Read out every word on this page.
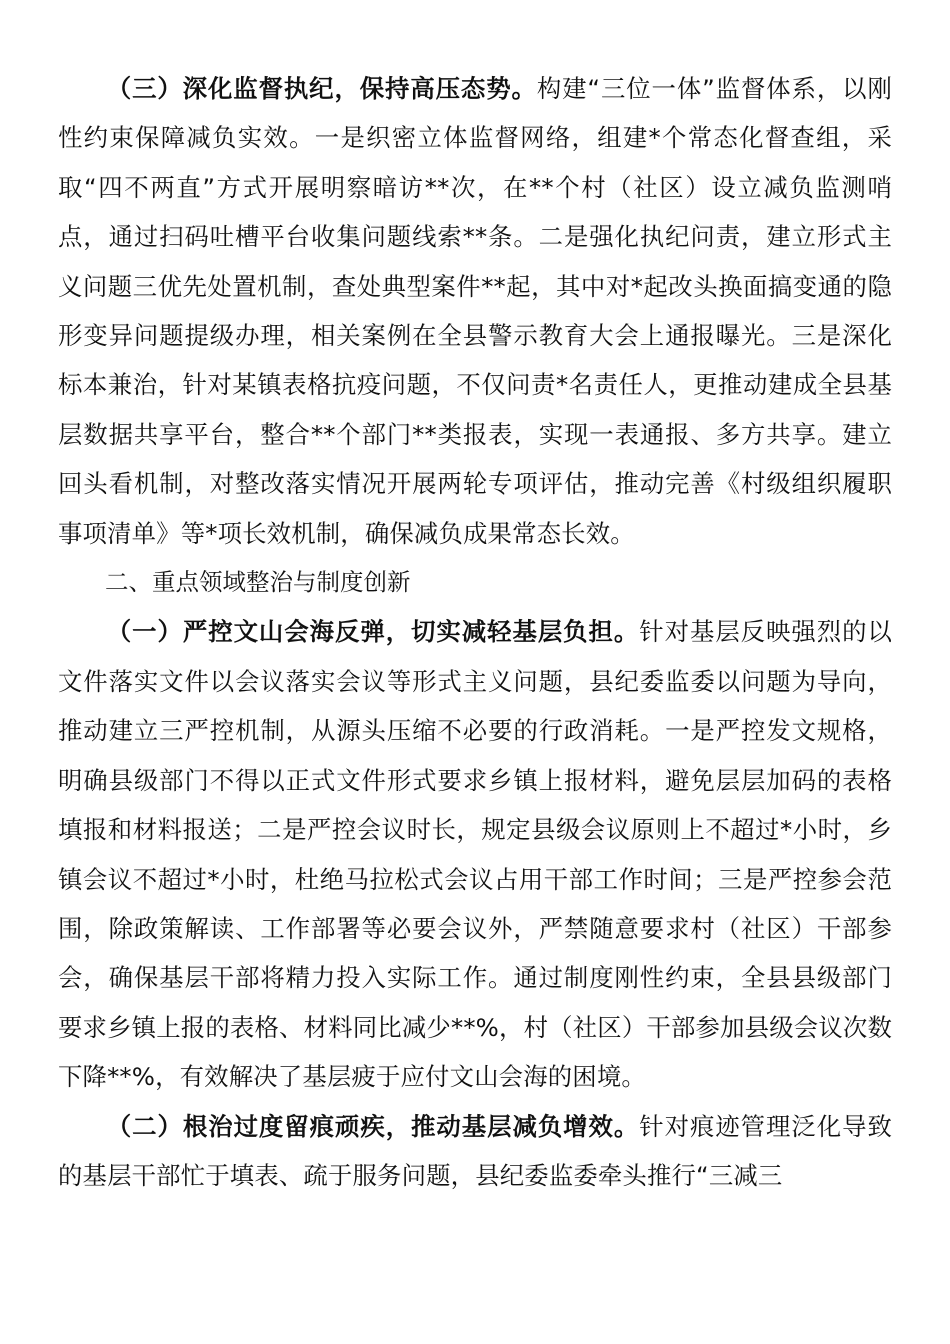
（三）深化监督执纪，保持高压态势。构建“三位一体”监督体系，以刚性约束保障减负实效。一是织密立体监督网络，组建*个常态化督查组，采取“四不两直”方式开展明察暗访**次，在**个村（社区）设立减负监测哨点，通过扫码吐槽平台收集问题线索**条。二是强化执纪问责，建立形式主义问题三优先处置机制，查处典型案件**起，其中对*起改头换面搞变通的隐形变异问题提级办理，相关案例在全县警示教育大会上通报曝光。三是深化标本兼治，针对某镇表格抗疫问题，不仅问责*名责任人，更推动建成全县基层数据共享平台，整合**个部门**类报表，实现一表通报、多方共享。建立回头看机制，对整改落实情况开展两轮专项评估，推动完善《村级组织履职事项清单》等*项长效机制，确保减负成果常态长效。

二、重点领域整治与制度创新

（一）严控文山会海反弹，切实减轻基层负担。针对基层反映强烈的以文件落实文件以会议落实会议等形式主义问题，县纪委监委以问题为导向，推动建立三严控机制，从源头压缩不必要的行政消耗。一是严控发文规格，明确县级部门不得以正式文件形式要求乡镇上报材料，避免层层加码的表格填报和材料报送；二是严控会议时长，规定县级会议原则上不超过*小时，乡镇会议不超过*小时，杜绝马拉松式会议占用干部工作时间；三是严控参会范围，除政策解读、工作部署等必要会议外，严禁随意要求村（社区）干部参会，确保基层干部将精力投入实际工作。通过制度刚性约束，全县县级部门要求乡镇上报的表格、材料同比减少**%，村（社区）干部参加县级会议次数下降**%，有效解决了基层疲于应付文山会海的困境。

（二）根治过度留痕顽疾，推动基层减负增效。针对痕迹管理泛化导致的基层干部忙于填表、疏于服务问题，县纪委监委牵头推行“三减三
